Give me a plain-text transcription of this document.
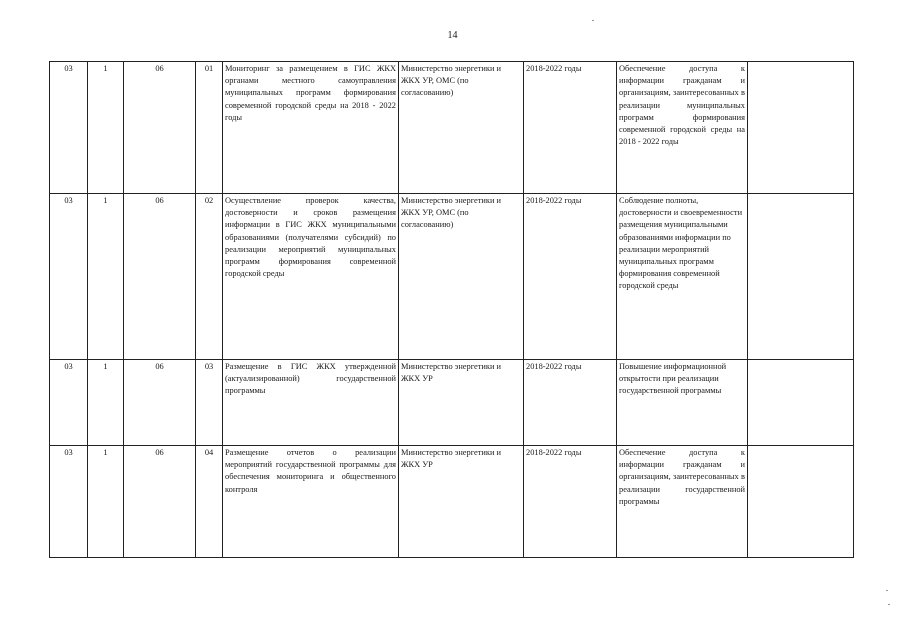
14
03	1	06	01	Мониторинг за размещением в ГИС ЖКХ органами местного самоуправления муниципальных программ формирования современной городской среды на 2018 - 2022 годы	Министерство энергетики и ЖКХ УР, ОМС (по согласованию)	2018-2022 годы	Обеспечение доступа к информации гражданам и организациям, заинтересованных в реализации муниципальных программ формирования современной городской среды на 2018 - 2022 годы	
03	1	06	02	Осуществление проверок качества, достоверности и сроков размещения информации в ГИС ЖКХ муниципальными образованиями (получателями субсидий) по реализации мероприятий муниципальных программ формирования современной городской среды	Министерство энергетики и ЖКХ УР, ОМС (по согласованию)	2018-2022 годы	Соблюдение полноты, достоверности и своевременности размещения муниципальными образованиями информации по реализации мероприятий муниципальных программ формирования современной городской среды	
03	1	06	03	Размещение в ГИС ЖКХ утвержденной (актуализированной) государственной программы	Министерство энергетики и ЖКХ УР	2018-2022 годы	Повышение информационной открытости при реализации государственной программы	
03	1	06	04	Размещение отчетов о реализации мероприятий государственной программы для обеспечения мониторинга и общественного контроля	Министерство энергетики и ЖКХ УР	2018-2022 годы	Обеспечение доступа к информации гражданам и организациям, заинтересованных в реализации государственной программы	
